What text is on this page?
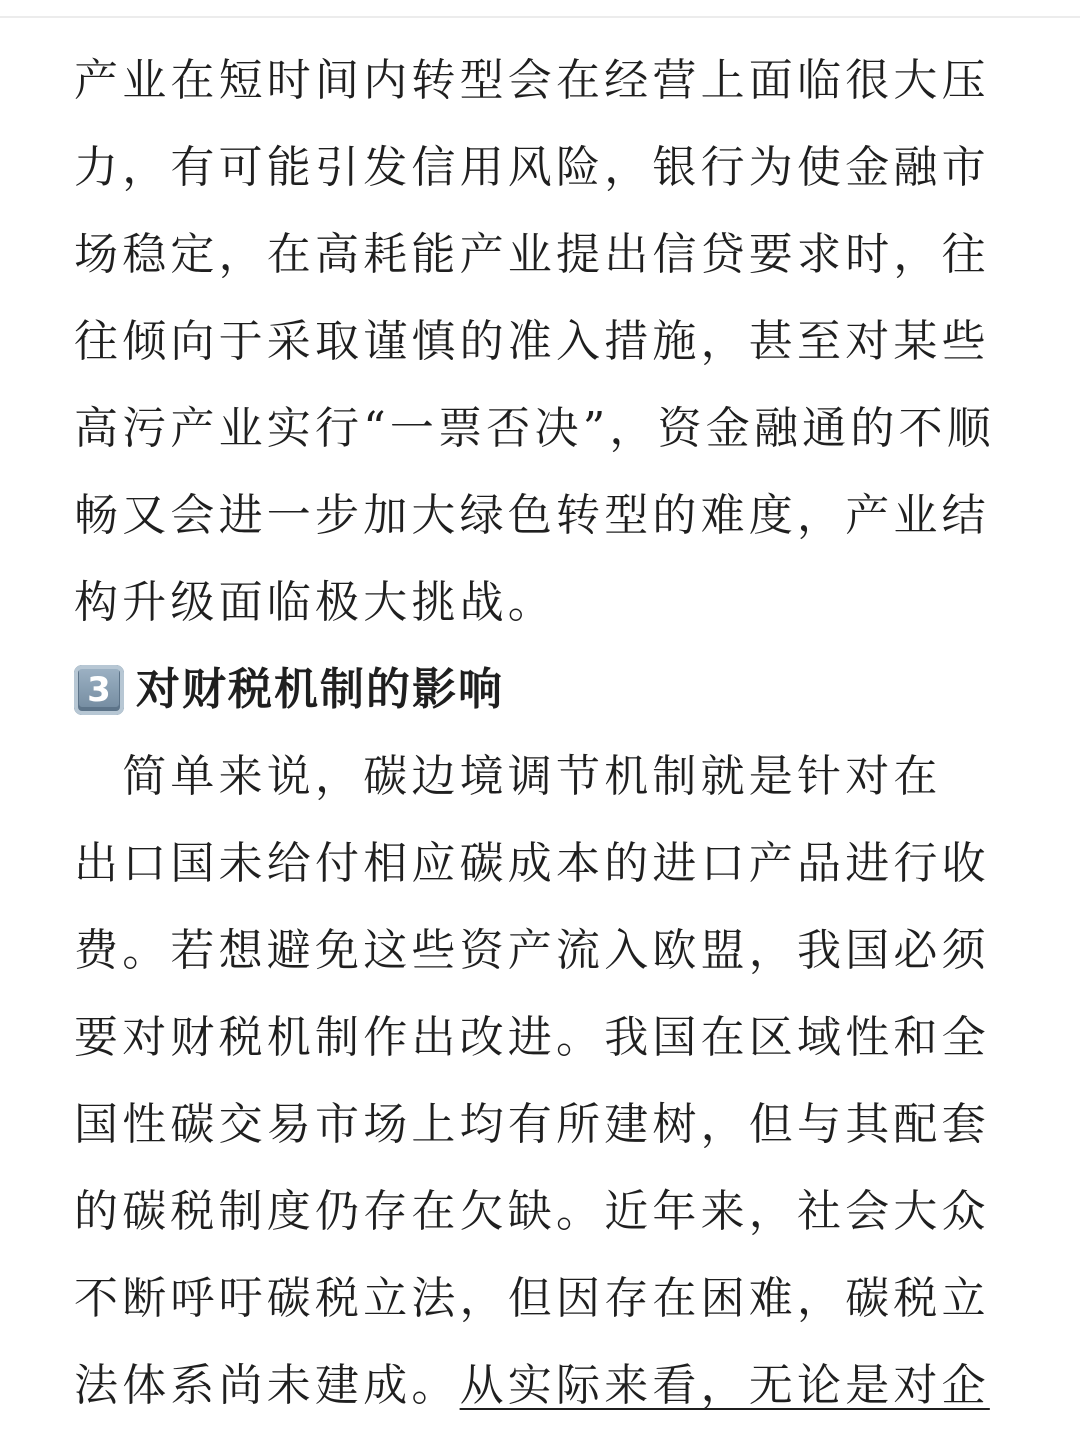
产业在短时间内转型会在经营上面临很大压
力，有可能引发信用风险，银行为使金融市
场稳定，在高耗能产业提出信贷要求时，往
往倾向于采取谨慎的准入措施，甚至对某些
高污产业实行“一票否决”，资金融通的不顺
畅又会进一步加大绿色转型的难度，产业结
构升级面临极大挑战。
3 对财税机制的影响
　简单来说，碳边境调节机制就是针对在
出口国未给付相应碳成本的进口产品进行收
费。若想避免这些资产流入欧盟，我国必须
要对财税机制作出改进。我国在区域性和全
国性碳交易市场上均有所建树，但与其配套
的碳税制度仍存在欠缺。近年来，社会大众
不断呼吁碳税立法，但因存在困难，碳税立
法体系尚未建成。从实际来看，无论是对企
